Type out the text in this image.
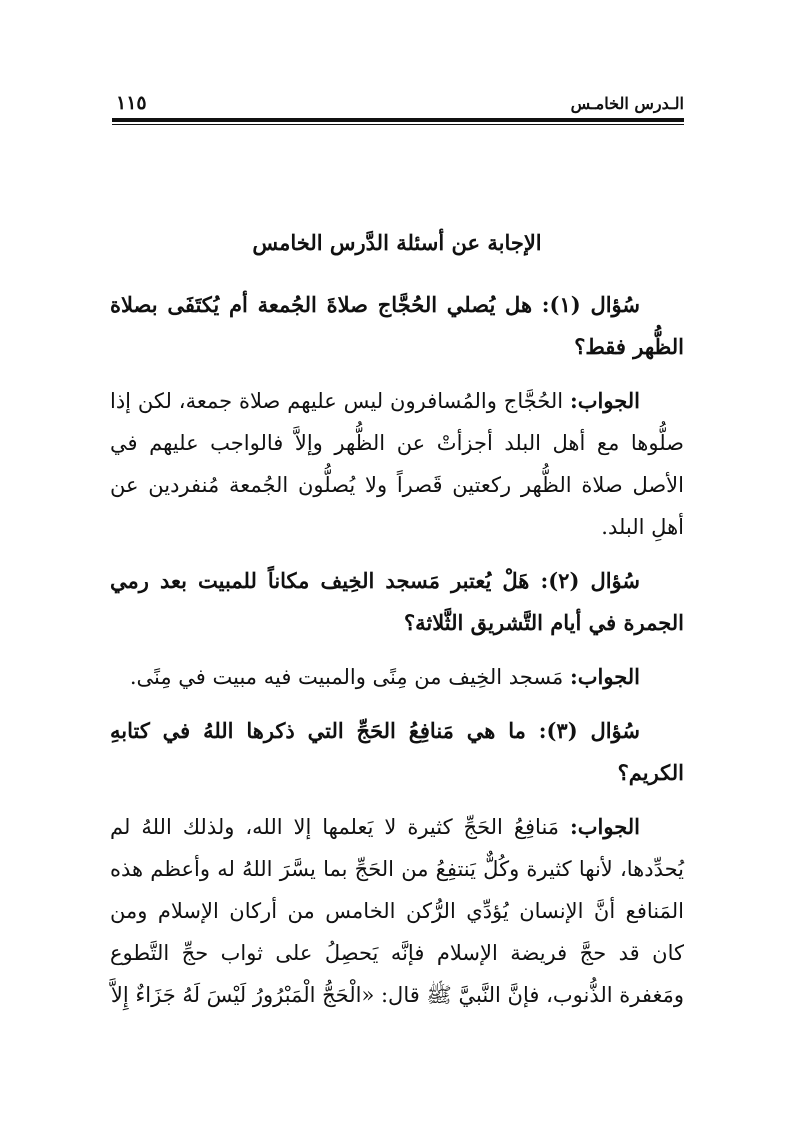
الـدرس الخامـس
١١٥
الإجابة عن أسئلة الدَّرس الخامس

سُؤال (١): هل يُصلي الحُجَّاج صلاةَ الجُمعة أم يُكتَفَى بصلاة الظُّهر فقط؟

الجواب: الحُجَّاج والمُسافرون ليس عليهم صلاة جمعة، لكن إذا صلُّوها مع أهل البلد أجزأتْ عن الظُّهر وإلاَّ فالواجب عليهم في الأصل صلاة الظُّهر ركعتين قَصراً ولا يُصلُّون الجُمعة مُنفردين عن أهلِ البلد.

سُؤال (٢): هَلْ يُعتبر مَسجد الخِيف مكاناً للمبيت بعد رمي الجمرة في أيام التَّشريق الثَّلاثة؟

الجواب: مَسجد الخِيف من مِنًى والمبيت فيه مبيت في مِنًى.

سُؤال (٣): ما هي مَنافِعُ الحَجِّ التي ذكرها اللهُ في كتابهِ الكريم؟

الجواب: مَنافِعُ الحَجِّ كثيرة لا يَعلمها إلا الله، ولذلك اللهُ لم يُحدِّدها، لأنها كثيرة وكُلٌّ يَنتفِعُ من الحَجِّ بما يسَّرَ اللهُ له وأعظم هذه المَنافع أنَّ الإنسان يُؤدِّي الرُّكن الخامس من أركان الإسلام ومن كان قد حجَّ فريضة الإسلام فإنَّه يَحصِلُ على ثواب حجِّ التَّطوع ومَغفرة الذُّنوب، فإنَّ النَّبيَّ ﷺ قال: «الْحَجُّ الْمَبْرُورُ لَيْسَ لَهُ جَزَاءٌ إِلاَّ
